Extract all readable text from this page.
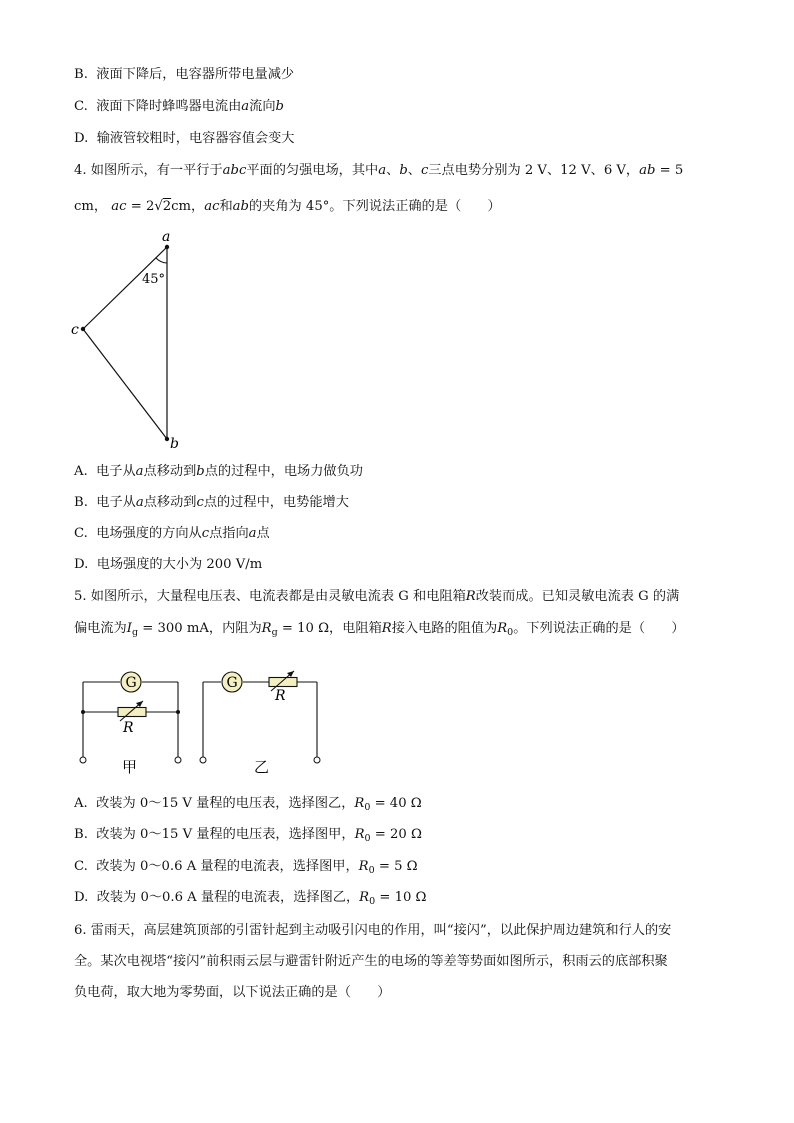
B. 液面下降后，电容器所带电量减少
C. 液面下降时蜂鸣器电流由a流向b
D. 输液管较粗时，电容器容值会变大
4. 如图所示，有一平行于abc平面的匀强电场，其中a、b、c三点电势分别为 2 V、12 V、6 V，ab = 5
cm， ac = 2√2cm，ac和ab的夹角为 45°。下列说法正确的是（　　）
a
b
c
45°
A. 电子从a点移动到b点的过程中，电场力做负功
B. 电子从a点移动到c点的过程中，电势能增大
C. 电场强度的方向从c点指向a点
D. 电场强度的大小为 200 V/m
5. 如图所示，大量程电压表、电流表都是由灵敏电流表 G 和电阻箱R改装而成。已知灵敏电流表 G 的满
偏电流为$I_g = 300$ mA，内阻为$R_g = 10$ Ω，电阻箱R接入电路的阻值为$R_0$。下列说法正确的是（　　）
G
R
甲
G
R
乙
A. 改装为 0～15 V 量程的电压表，选择图乙，$R_0 = 40$ Ω
B. 改装为 0～15 V 量程的电压表，选择图甲，$R_0 = 20$ Ω
C. 改装为 0～0.6 A 量程的电流表，选择图甲，$R_0 = 5$ Ω
D. 改装为 0～0.6 A 量程的电流表，选择图乙，$R_0 = 10$ Ω
6. 雷雨天，高层建筑顶部的引雷针起到主动吸引闪电的作用，叫“接闪”，以此保护周边建筑和行人的安
全。某次电视塔“接闪”前积雨云层与避雷针附近产生的电场的等差等势面如图所示，积雨云的底部积聚
负电荷，取大地为零势面，以下说法正确的是（　　）
